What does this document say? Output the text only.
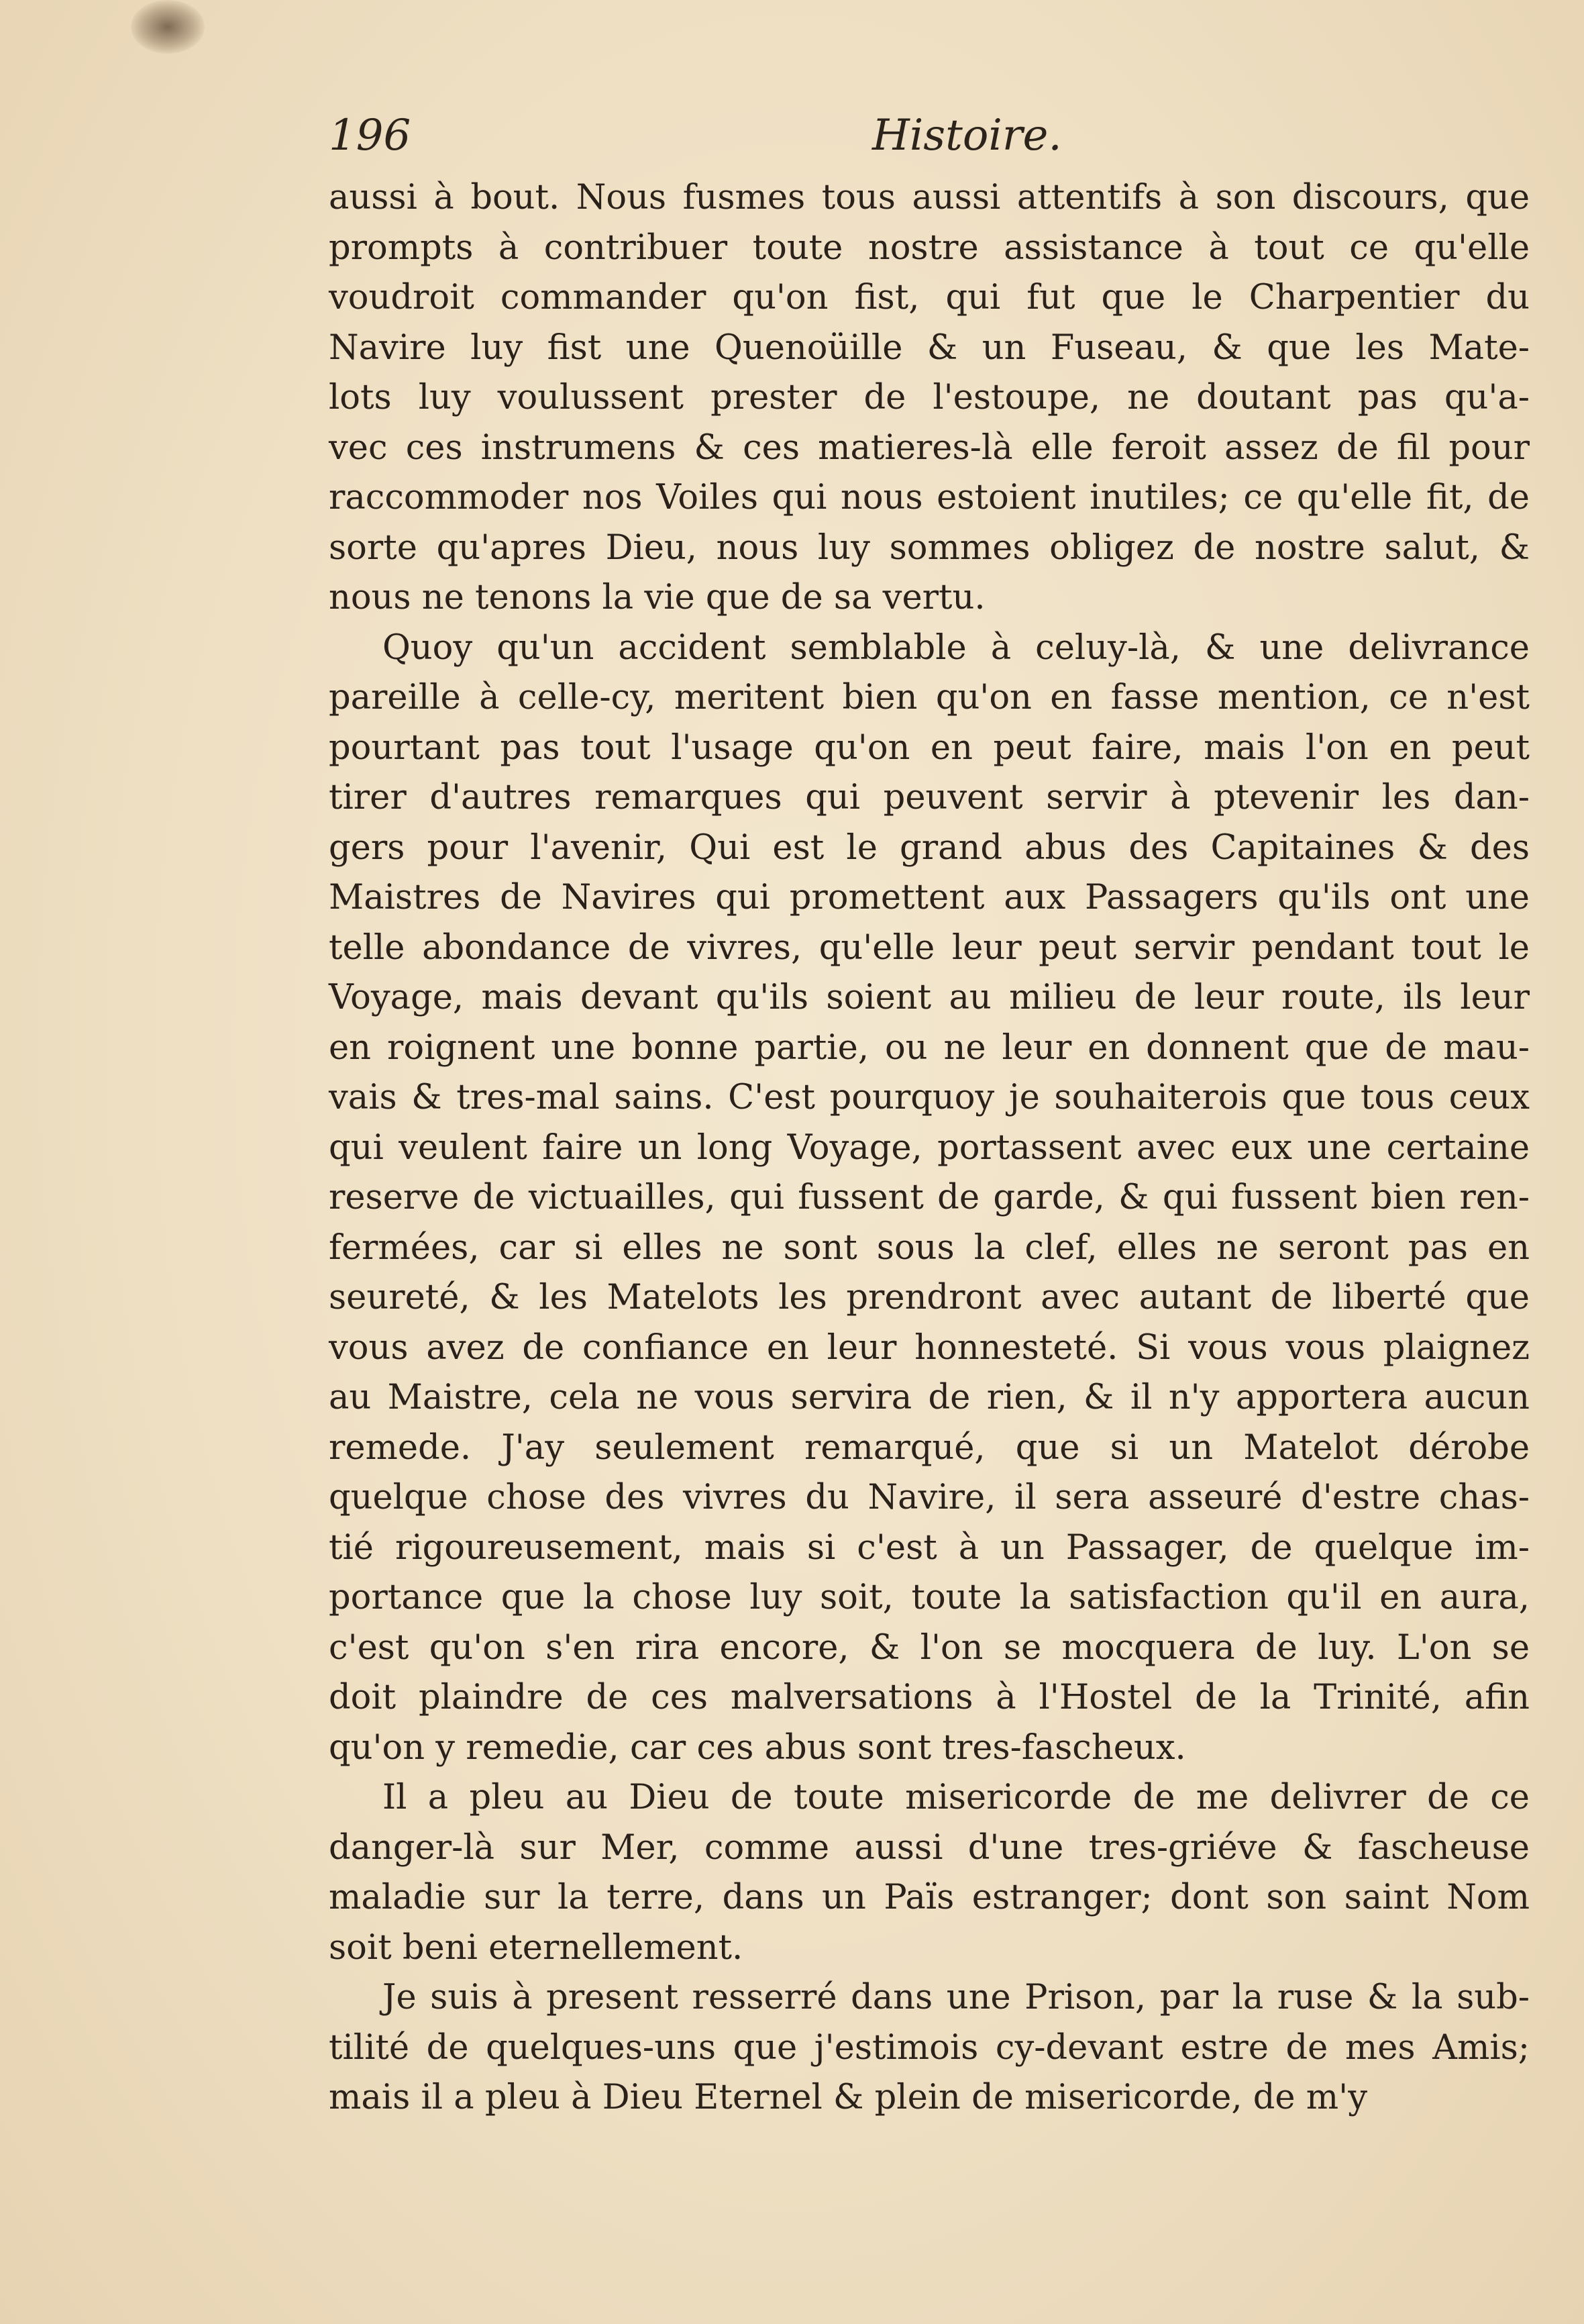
196	Histoire.
aussi à bout. Nous fusmes tous aussi attentifs à son discours, que
prompts à contribuer toute nostre assistance à tout ce qu'elle
voudroit commander qu'on fist, qui fut que le Charpentier du
Navire luy fist une Quenoüille & un Fuseau, & que les Mate-
lots luy voulussent prester de l'estoupe, ne doutant pas qu'a-
vec ces instrumens & ces matieres-là elle feroit assez de fil pour
raccommoder nos Voiles qui nous estoient inutiles; ce qu'elle fit, de
sorte qu'apres Dieu, nous luy sommes obligez de nostre salut, &
nous ne tenons la vie que de sa vertu.
Quoy qu'un accident semblable à celuy-là, & une delivrance
pareille à celle-cy, meritent bien qu'on en fasse mention, ce n'est
pourtant pas tout l'usage qu'on en peut faire, mais l'on en peut
tirer d'autres remarques qui peuvent servir à ptevenir les dan-
gers pour l'avenir, Qui est le grand abus des Capitaines & des
Maistres de Navires qui promettent aux Passagers qu'ils ont une
telle abondance de vivres, qu'elle leur peut servir pendant tout le
Voyage, mais devant qu'ils soient au milieu de leur route, ils leur
en roignent une bonne partie, ou ne leur en donnent que de mau-
vais & tres-mal sains. C'est pourquoy je souhaiterois que tous ceux
qui veulent faire un long Voyage, portassent avec eux une certaine
reserve de victuailles, qui fussent de garde, & qui fussent bien ren-
fermées, car si elles ne sont sous la clef, elles ne seront pas en
seureté, & les Matelots les prendront avec autant de liberté que
vous avez de confiance en leur honnesteté. Si vous vous plaignez
au Maistre, cela ne vous servira de rien, & il n'y apportera aucun
remede. J'ay seulement remarqué, que si un Matelot dérobe
quelque chose des vivres du Navire, il sera asseuré d'estre chas-
tié rigoureusement, mais si c'est à un Passager, de quelque im-
portance que la chose luy soit, toute la satisfaction qu'il en aura,
c'est qu'on s'en rira encore, & l'on se mocquera de luy. L'on se
doit plaindre de ces malversations à l'Hostel de la Trinité, afin
qu'on y remedie, car ces abus sont tres-fascheux.
Il a pleu au Dieu de toute misericorde de me delivrer de ce
danger-là sur Mer, comme aussi d'une tres-griéve & fascheuse
maladie sur la terre, dans un Païs estranger; dont son saint Nom
soit beni eternellement.
Je suis à present resserré dans une Prison, par la ruse & la sub-
tilité de quelques-uns que j'estimois cy-devant estre de mes Amis;
mais il a pleu à Dieu Eternel & plein de misericorde, de m'y
